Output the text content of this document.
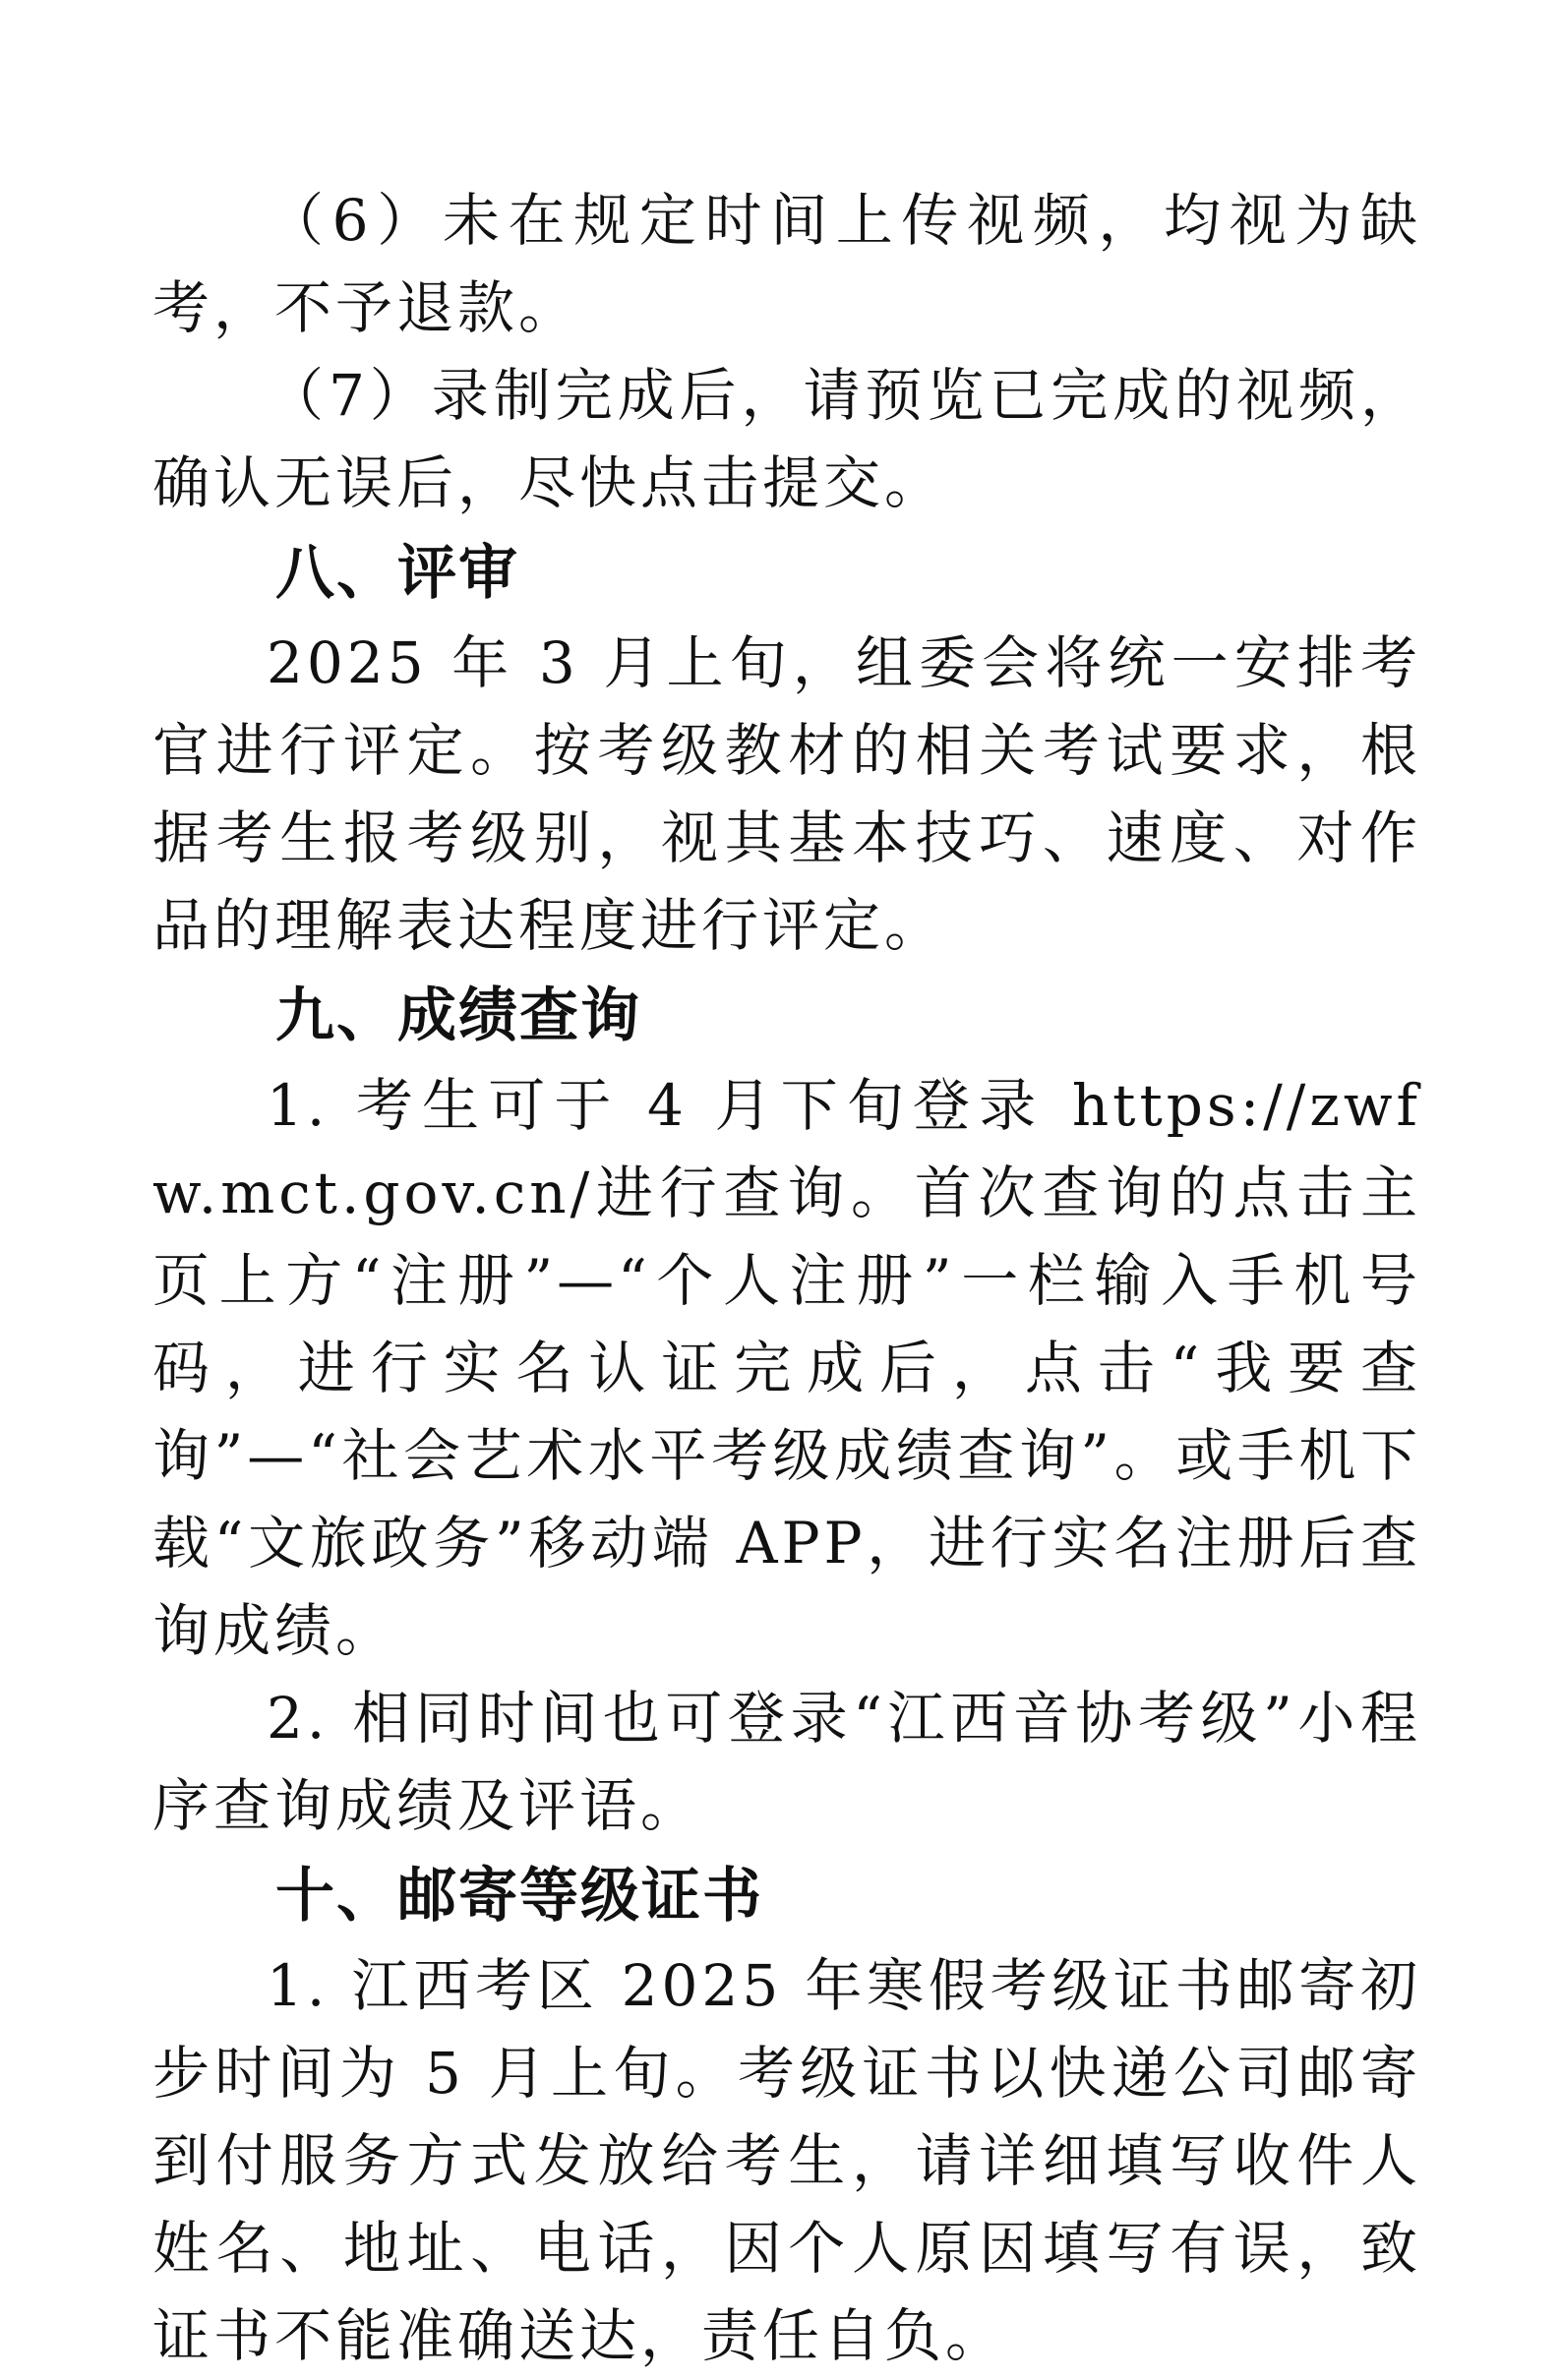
（6）未在规定时间上传视频，均视为缺考，不予退款。

（7）录制完成后，请预览已完成的视频，确认无误后，尽快点击提交。

八、评审

2025 年 3 月上旬，组委会将统一安排考官进行评定。按考级教材的相关考试要求，根据考生报考级别，视其基本技巧、速度、对作品的理解表达程度进行评定。

九、成绩查询

1. 考生可于 4 月下旬登录 https://zwfw.mct.gov.cn/进行查询。首次查询的点击主页上方“注册”—“个人注册”一栏输入手机号码，进行实名认证完成后，点击“我要查询”—“社会艺术水平考级成绩查询”。或手机下载“文旅政务”移动端 APP，进行实名注册后查询成绩。

2. 相同时间也可登录“江西音协考级”小程序查询成绩及评语。

十、邮寄等级证书

1. 江西考区 2025 年寒假考级证书邮寄初步时间为 5 月上旬。考级证书以快递公司邮寄到付服务方式发放给考生，请详细填写收件人姓名、地址、电话，因个人原因填写有误，致证书不能准确送达，责任自负。
